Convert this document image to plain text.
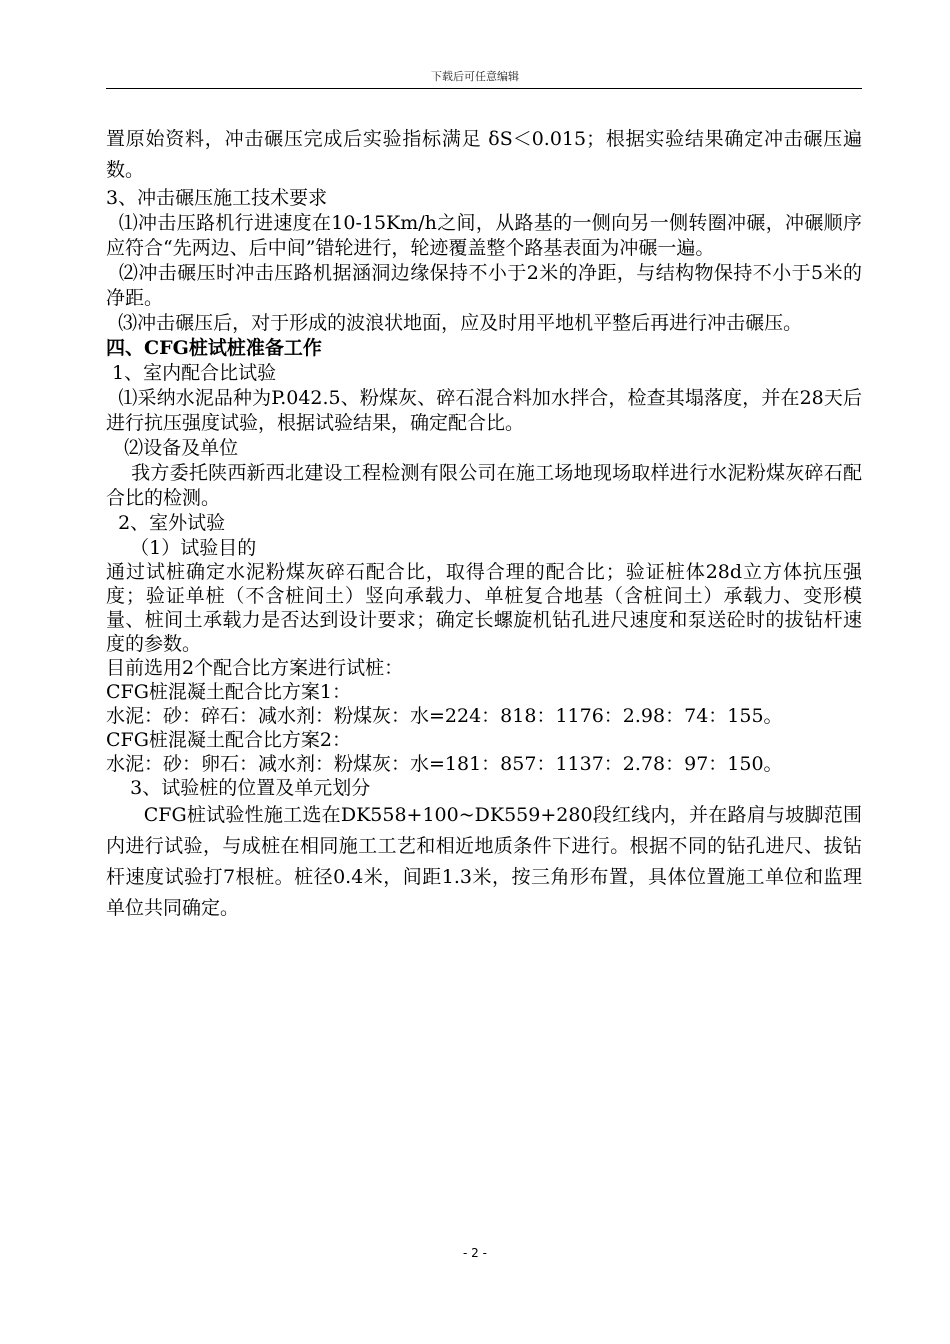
下载后可任意编辑

置原始资料，冲击碾压完成后实验指标满足 δS＜0.015；根据实验结果确定冲击碾压遍数。

3、冲击碾压施工技术要求

⑴冲击压路机行进速度在10-15Km/h之间，从路基的一侧向另一侧转圈冲碾，冲碾顺序应符合“先两边、后中间”错轮进行，轮迹覆盖整个路基表面为冲碾一遍。

⑵冲击碾压时冲击压路机据涵洞边缘保持不小于2米的净距，与结构物保持不小于5米的净距。

⑶冲击碾压后，对于形成的波浪状地面，应及时用平地机平整后再进行冲击碾压。

四、CFG桩试桩准备工作

1、室内配合比试验

⑴采纳水泥品种为P.042.5、粉煤灰、碎石混合料加水拌合，检查其塌落度，并在28天后进行抗压强度试验，根据试验结果，确定配合比。

⑵设备及单位

我方委托陕西新西北建设工程检测有限公司在施工场地现场取样进行水泥粉煤灰碎石配合比的检测。

2、室外试验

（1）试验目的

通过试桩确定水泥粉煤灰碎石配合比，取得合理的配合比；验证桩体28d立方体抗压强度；验证单桩（不含桩间土）竖向承载力、单桩复合地基（含桩间土）承载力、变形模量、桩间土承载力是否达到设计要求；确定长螺旋机钻孔进尺速度和泵送砼时的拔钻杆速度的参数。

目前选用2个配合比方案进行试桩：

CFG桩混凝土配合比方案1：

水泥：砂：碎石：减水剂：粉煤灰：水=224：818：1176：2.98：74：155。

CFG桩混凝土配合比方案2：

水泥：砂：卵石：减水剂：粉煤灰：水=181：857：1137：2.78：97：150。

3、试验桩的位置及单元划分

CFG桩试验性施工选在DK558+100~DK559+280段红线内，并在路肩与坡脚范围内进行试验，与成桩在相同施工工艺和相近地质条件下进行。根据不同的钻孔进尺、拔钻杆速度试验打7根桩。桩径0.4米，间距1.3米，按三角形布置，具体位置施工单位和监理单位共同确定。

- 2 -
